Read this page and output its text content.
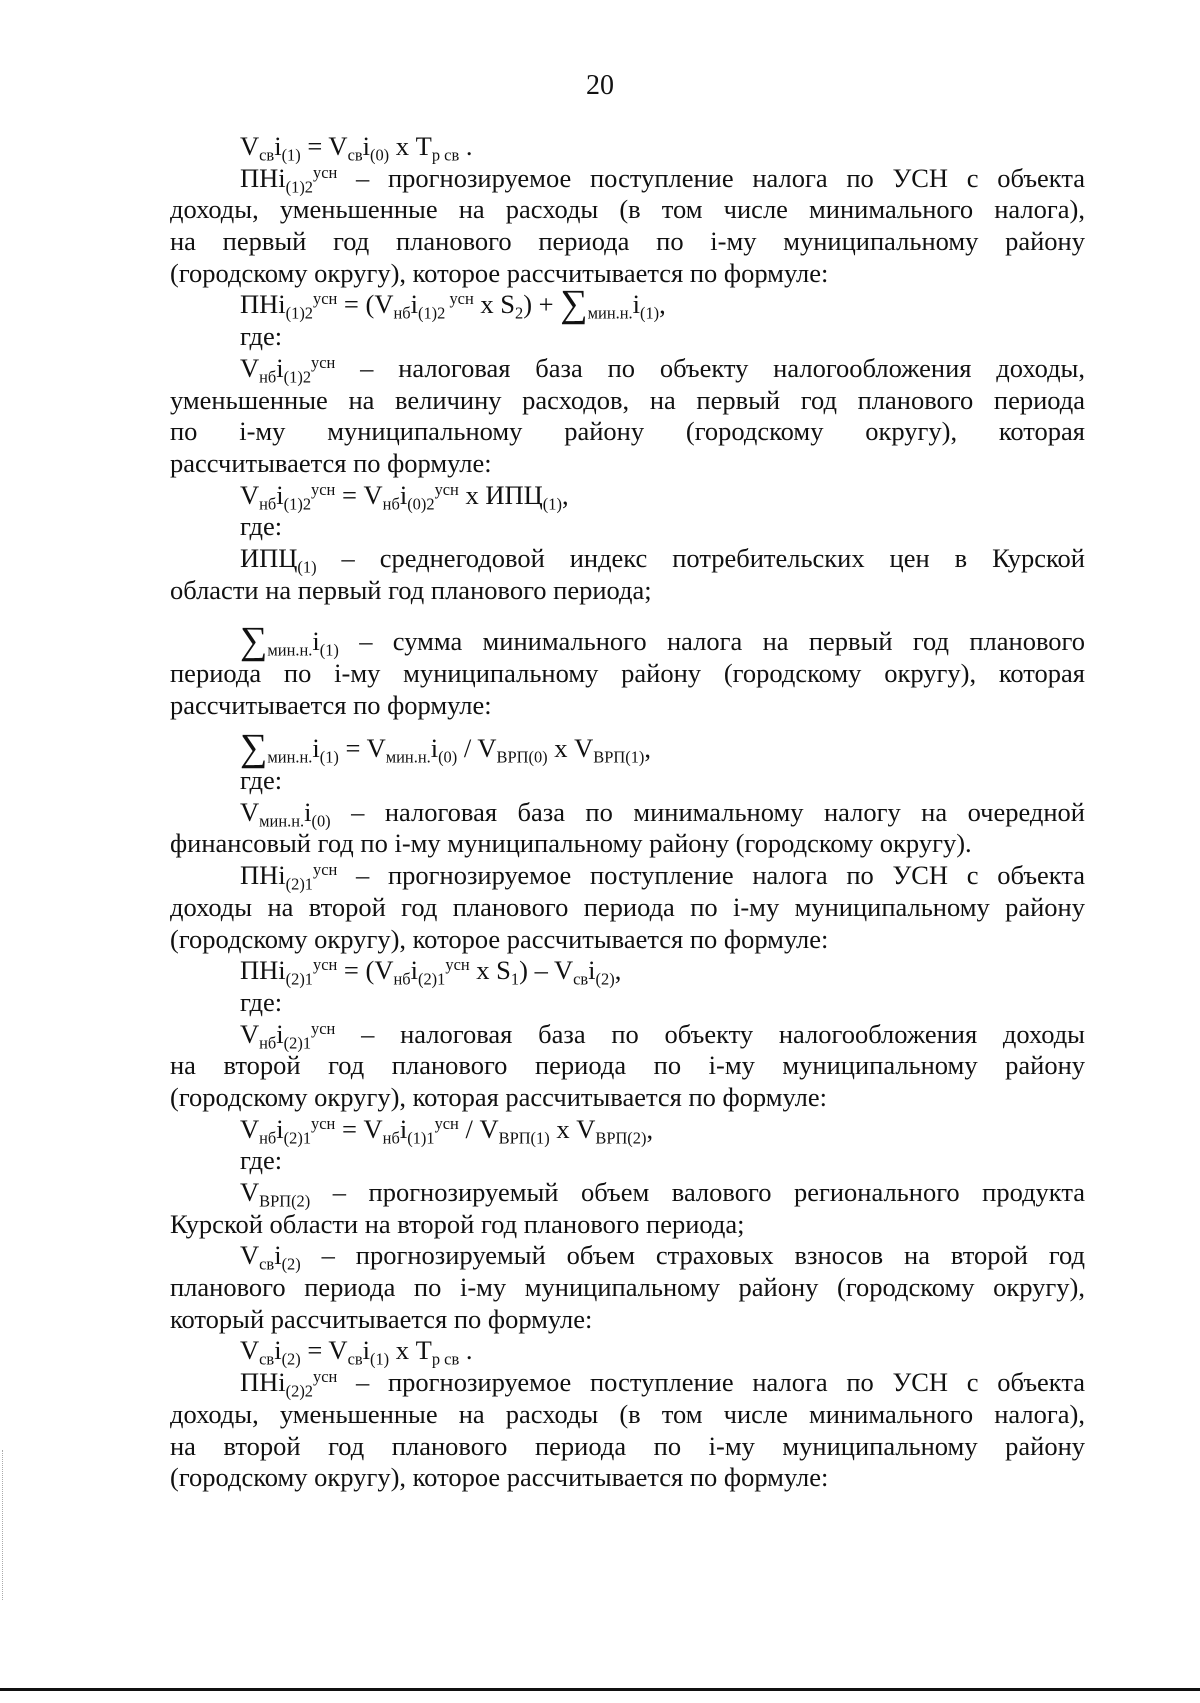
20
$V_{св}i_{(1)} = V_{св}i_{(0)}$ х $Т_{р св}$ .
ПНi$_{(1)2}^{усн}$ – прогнозируемое поступление налога по УСН с объекта
доходы, уменьшенные на расходы (в том числе минимального налога),
на первый год планового периода по i-му муниципальному району
(городскому округу), которое рассчитывается по формуле:
$ПНi_{(1)2}^{усн} = (V_{нб}i_{(1)2}$ $^{усн}$ х $S_2) + \sum_{мин.н.}i_{(1)}$,
где:
$V_{нб}i_{(1)2}^{усн}$ – налоговая база по объекту налогообложения доходы,
уменьшенные на величину расходов, на первый год планового периода
по i-му муниципальному району (городскому округу), которая
рассчитывается по формуле:
$V_{нб}i_{(1)2}^{усн} = V_{нб}i_{(0)2}^{усн}$ х $ИПЦ_{(1)}$,
где:
$ИПЦ_{(1)}$ – среднегодовой индекс потребительских цен в Курской
области на первый год планового периода;
$\sum_{мин.н.}i_{(1)}$ – сумма минимального налога на первый год планового
периода по i-му муниципальному району (городскому округу), которая
рассчитывается по формуле:
$\sum_{мин.н.}i_{(1)} = V_{мин.н.}i_{(0)} / V_{ВРП(0)}$ х $V_{ВРП(1)}$,
где:
$V_{мин.н.}i_{(0)}$ – налоговая база по минимальному налогу на очередной
финансовый год по i-му муниципальному району (городскому округу).
ПНi$_{(2)1}^{усн}$ – прогнозируемое поступление налога по УСН с объекта
доходы на второй год планового периода по i-му муниципальному району
(городскому округу), которое рассчитывается по формуле:
$ПНi_{(2)1}^{усн} = (V_{нб}i_{(2)1}^{усн}$ х $S_1) - V_{св}i_{(2)}$,
где:
$V_{нб}i_{(2)1}^{усн}$ – налоговая база по объекту налогообложения доходы
на второй год планового периода по i-му муниципальному району
(городскому округу), которая рассчитывается по формуле:
$V_{нб}i_{(2)1}^{усн} = V_{нб}i_{(1)1}^{усн} / V_{ВРП(1)}$ х $V_{ВРП(2)}$,
где:
$V_{ВРП(2)}$ – прогнозируемый объем валового регионального продукта
Курской области на второй год планового периода;
$V_{св}i_{(2)}$ – прогнозируемый объем страховых взносов на второй год
планового периода по i-му муниципальному району (городскому округу),
который рассчитывается по формуле:
$V_{св}i_{(2)} = V_{св}i_{(1)}$ х $Т_{р св}$ .
ПНi$_{(2)2}^{усн}$ – прогнозируемое поступление налога по УСН с объекта
доходы, уменьшенные на расходы (в том числе минимального налога),
на второй год планового периода по i-му муниципальному району
(городскому округу), которое рассчитывается по формуле:
